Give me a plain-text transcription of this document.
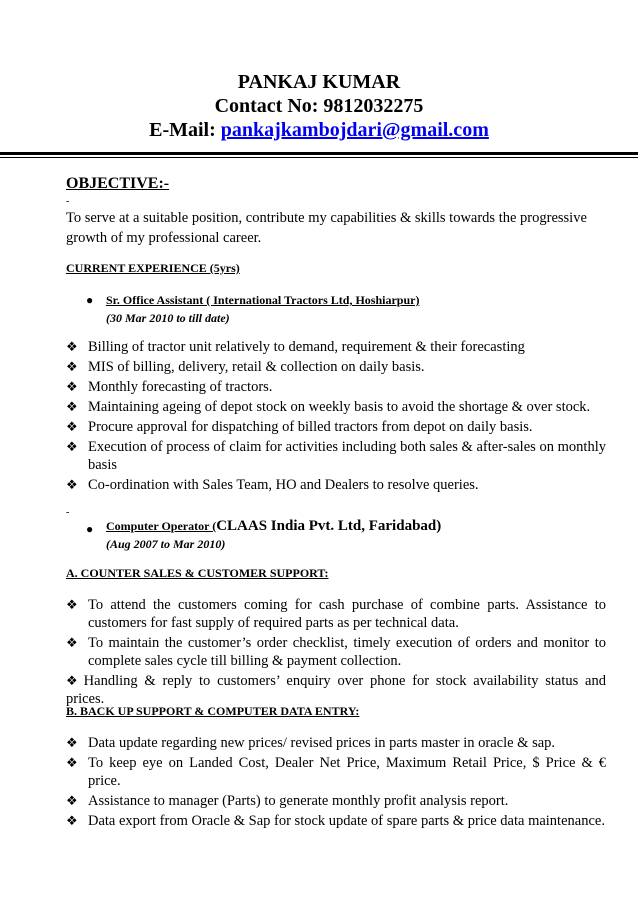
PANKAJ KUMAR
Contact No: 9812032275
E-Mail: pankajkambojdari@gmail.com
OBJECTIVE:-
-
To serve at a suitable position, contribute my capabilities & skills towards the progressive growth of my professional career.
CURRENT EXPERIENCE (5yrs)
● Sr. Office Assistant ( International Tractors Ltd, Hoshiarpur)
(30 Mar 2010 to till date)
❖ Billing of tractor unit relatively to demand, requirement & their forecasting
❖ MIS of billing, delivery, retail & collection on daily basis.
❖ Monthly forecasting of tractors.
❖ Maintaining ageing of depot stock on weekly basis to avoid the shortage & over stock.
❖ Procure approval for dispatching of billed tractors from depot on daily basis.
❖ Execution of process of claim for activities including both sales & after-sales on monthly basis
❖ Co-ordination with Sales Team, HO and Dealers to resolve queries.
-
● Computer Operator (CLAAS India Pvt. Ltd, Faridabad)
(Aug 2007 to Mar 2010)
A. COUNTER SALES & CUSTOMER SUPPORT:
❖ To attend the customers coming for cash purchase of combine parts. Assistance to customers for fast supply of required parts as per technical data.
❖ To maintain the customer’s order checklist, timely execution of orders and monitor to complete sales cycle till billing & payment collection.
❖ Handling & reply to customers’ enquiry over phone for stock availability status and prices.
B. BACK UP SUPPORT & COMPUTER DATA ENTRY:
❖ Data update regarding new prices/ revised prices in parts master in oracle & sap.
❖ To keep eye on Landed Cost, Dealer Net Price, Maximum Retail Price, $ Price & € price.
❖ Assistance to manager (Parts) to generate monthly profit analysis report.
❖ Data export from Oracle & Sap for stock update of spare parts & price data maintenance.
